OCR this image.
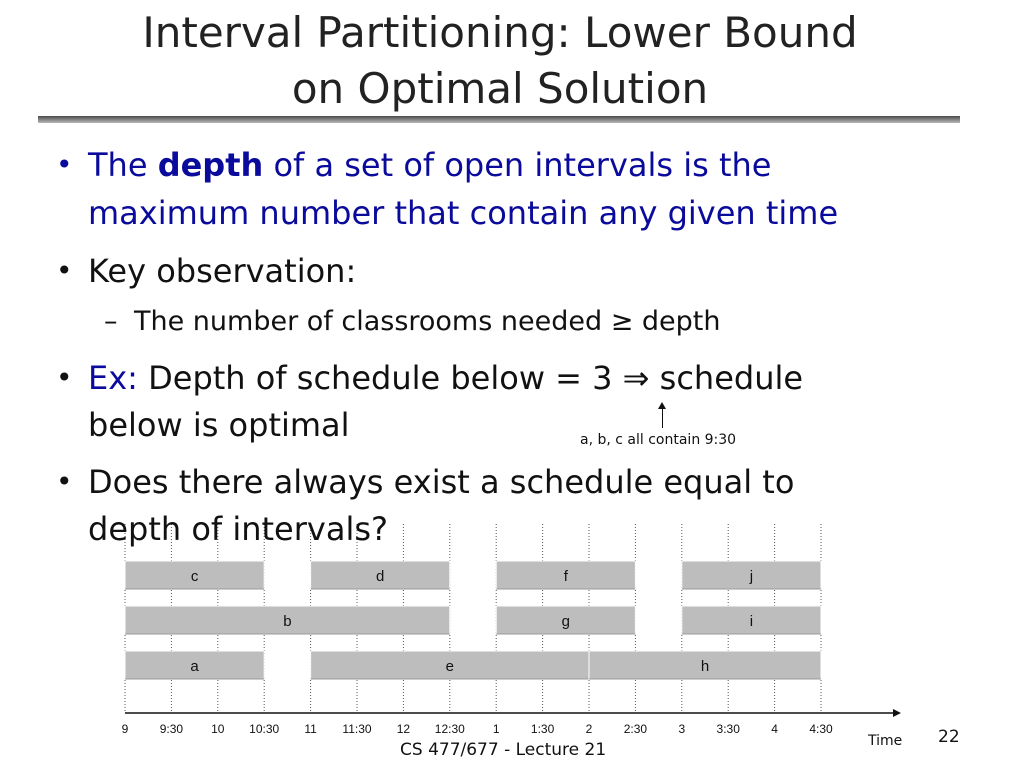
Interval Partitioning: Lower Bound
on Optimal Solution
• The depth of a set of open intervals is the
maximum number that contain any given time
• Key observation:
– The number of classrooms needed ≥ depth
• Ex: Depth of schedule below = 3 ⇒ schedule
below is optimal	a, b, c all contain 9:30
c	d	f	j
b	g	i
a	e	h
9	9:30 10 10:30 11 11:30 12 12:30 1	1:30	2	2:30	3	3:30	4	4:30
• Does there always exist a schedule equal to
depth of intervals?
Time
CS 477/677 - Lecture 21
22
